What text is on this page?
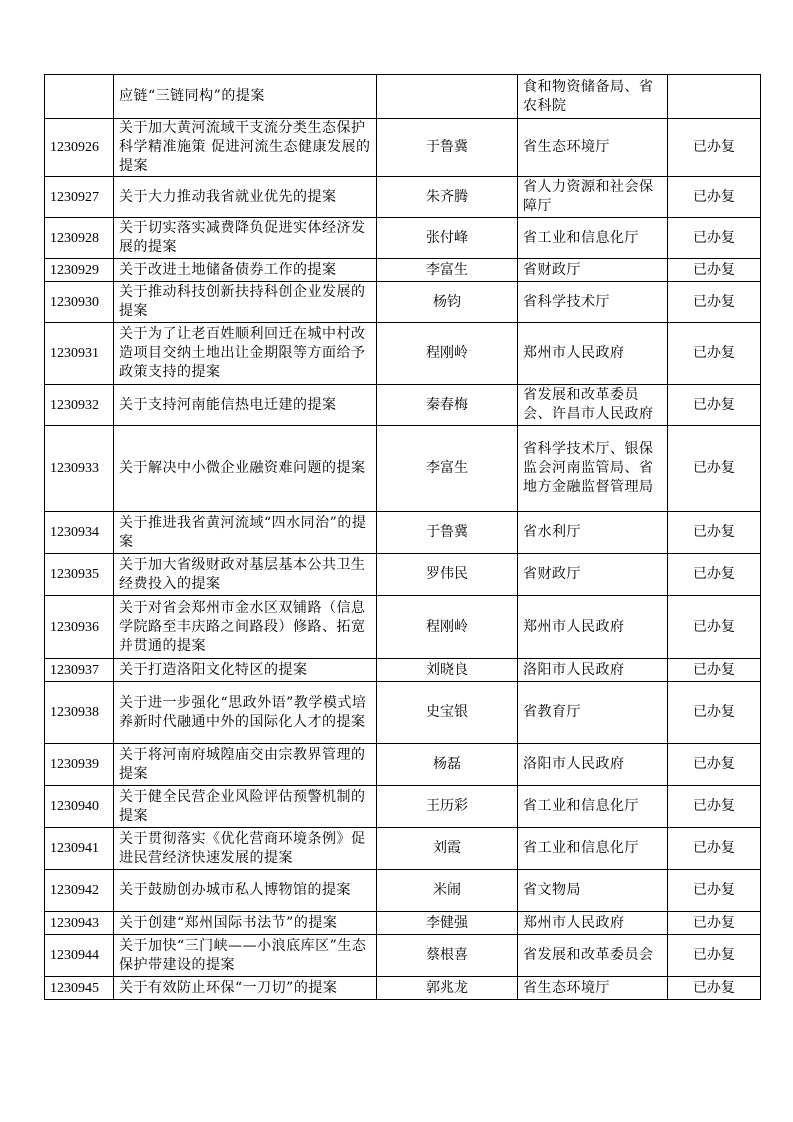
	应链“三链同构”的提案		食和物资储备局、省农科院	
1230926	关于加大黄河流域干支流分类生态保护 科学精准施策 促进河流生态健康发展的提案	于鲁冀	省生态环境厅	已办复
1230927	关于大力推动我省就业优先的提案	朱齐腾	省人力资源和社会保障厅	已办复
1230928	关于切实落实减费降负促进实体经济发展的提案	张付峰	省工业和信息化厅	已办复
1230929	关于改进土地储备债券工作的提案	李富生	省财政厅	已办复
1230930	关于推动科技创新扶持科创企业发展的提案	杨钧	省科学技术厅	已办复
1230931	关于为了让老百姓顺利回迁在城中村改造项目交纳土地出让金期限等方面给予政策支持的提案	程刚岭	郑州市人民政府	已办复
1230932	关于支持河南能信热电迁建的提案	秦春梅	省发展和改革委员会、许昌市人民政府	已办复
1230933	关于解决中小微企业融资难问题的提案	李富生	省科学技术厅、银保监会河南监管局、省地方金融监督管理局	已办复
1230934	关于推进我省黄河流域“四水同治”的提案	于鲁冀	省水利厅	已办复
1230935	关于加大省级财政对基层基本公共卫生经费投入的提案	罗伟民	省财政厅	已办复
1230936	关于对省会郑州市金水区双铺路（信息学院路至丰庆路之间路段）修路、拓宽并贯通的提案	程刚岭	郑州市人民政府	已办复
1230937	关于打造洛阳文化特区的提案	刘晓良	洛阳市人民政府	已办复
1230938	关于进一步强化“思政外语”教学模式培养新时代融通中外的国际化人才的提案	史宝银	省教育厅	已办复
1230939	关于将河南府城隍庙交由宗教界管理的提案	杨磊	洛阳市人民政府	已办复
1230940	关于健全民营企业风险评估预警机制的提案	王历彩	省工业和信息化厅	已办复
1230941	关于贯彻落实《优化营商环境条例》促进民营经济快速发展的提案	刘霞	省工业和信息化厅	已办复
1230942	关于鼓励创办城市私人博物馆的提案	米闹	省文物局	已办复
1230943	关于创建“郑州国际书法节”的提案	李健强	郑州市人民政府	已办复
1230944	关于加快“三门峡——小浪底库区”生态保护带建设的提案	蔡根喜	省发展和改革委员会	已办复
1230945	关于有效防止环保“一刀切”的提案	郭兆龙	省生态环境厅	已办复
